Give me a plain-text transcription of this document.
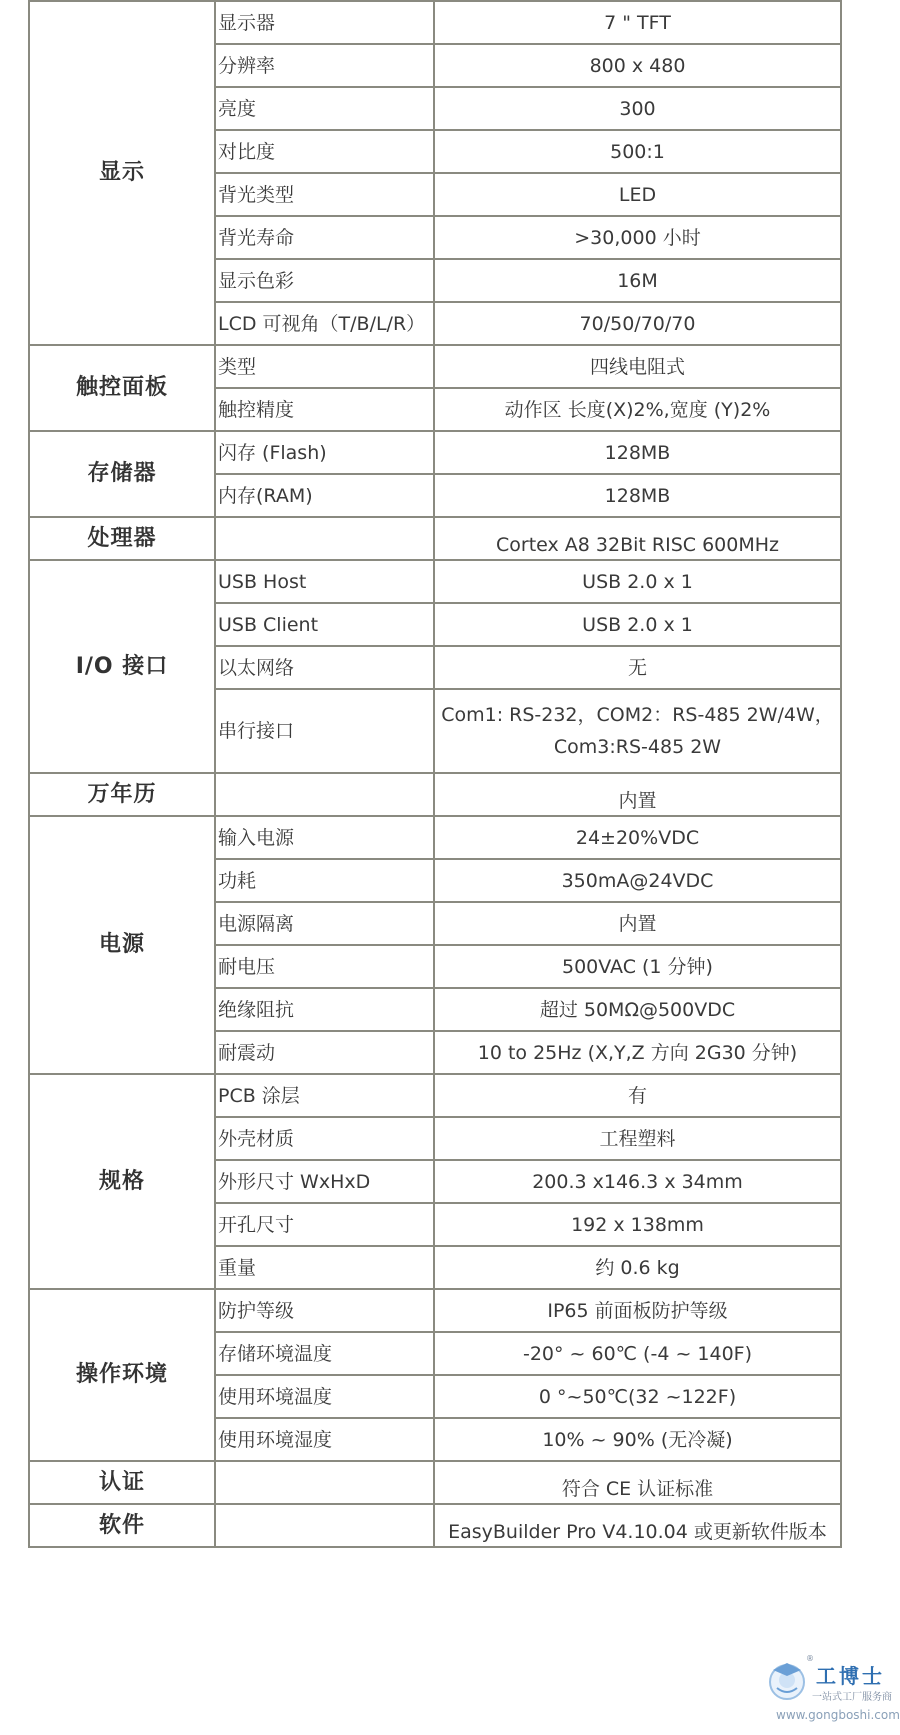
显示	显示器	7 " TFT
	分辨率	800 x 480
	亮度	300
	对比度	500:1
	背光类型	LED
	背光寿命	>30,000 小时
	显示色彩	16M
	LCD 可视角（T/B/L/R）	70/50/70/70
触控面板	类型	四线电阻式
	触控精度	动作区 长度(X)2%,宽度 (Y)2%
存储器	闪存 (Flash)	128MB
	内存(RAM)	128MB
处理器		Cortex A8 32Bit RISC 600MHz
I/O 接口	USB Host	USB 2.0 x 1
	USB Client	USB 2.0 x 1
	以太网络	无
	串行接口	Com1: RS-232，COM2：RS-485 2W/4W，
Com3:RS-485 2W

万年历		内置
电源	输入电源	24±20%VDC
	功耗	350mA@24VDC
	电源隔离	内置
	耐电压	500VAC (1 分钟)
	绝缘阻抗	超过 50MΩ@500VDC
	耐震动	10 to 25Hz (X,Y,Z 方向 2G30 分钟)
规格	PCB 涂层	有
	外壳材质	工程塑料
	外形尺寸 WxHxD	200.3 x146.3 x 34mm
	开孔尺寸	192 x 138mm
	重量	约 0.6 kg
操作环境	防护等级	IP65 前面板防护等级
	存储环境温度	-20° ~ 60℃ (-4 ~ 140F)
	使用环境温度	0 °~50℃(32 ~122F)
	使用环境湿度	10% ~ 90% (无冷凝)
认证		符合 CE 认证标准
软件		EasyBuilder Pro V4.10.04 或更新软件版本
®
工博士
一站式工厂服务商
www.gongboshi.com
